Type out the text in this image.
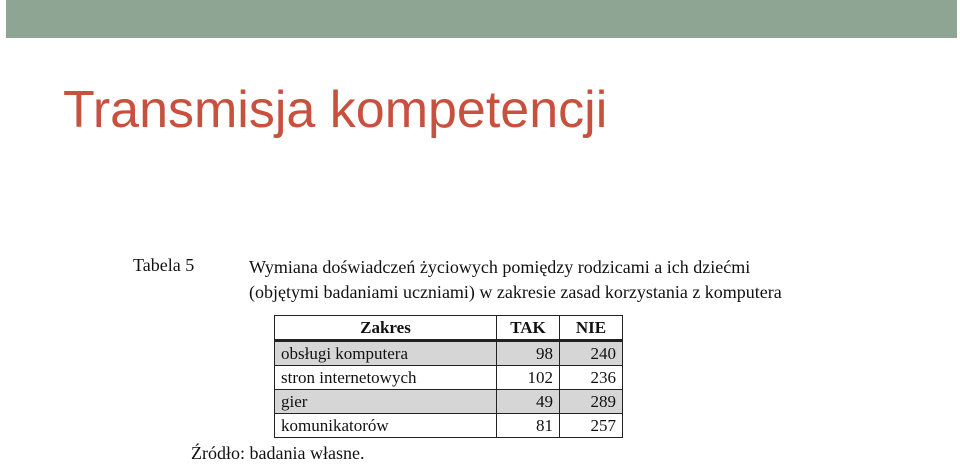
Transmisja kompetencji
Tabela 5	Wymiana doświadczeń życiowych pomiędzy rodzicami a ich dziećmi
(objętymi badaniami uczniami) w zakresie zasad korzystania z komputera
Zakres	TAK	NIE
obsługi komputera	98	240
stron internetowych	102	236
gier	49	289
komunikatorów	81	257
Źródło: badania własne.
